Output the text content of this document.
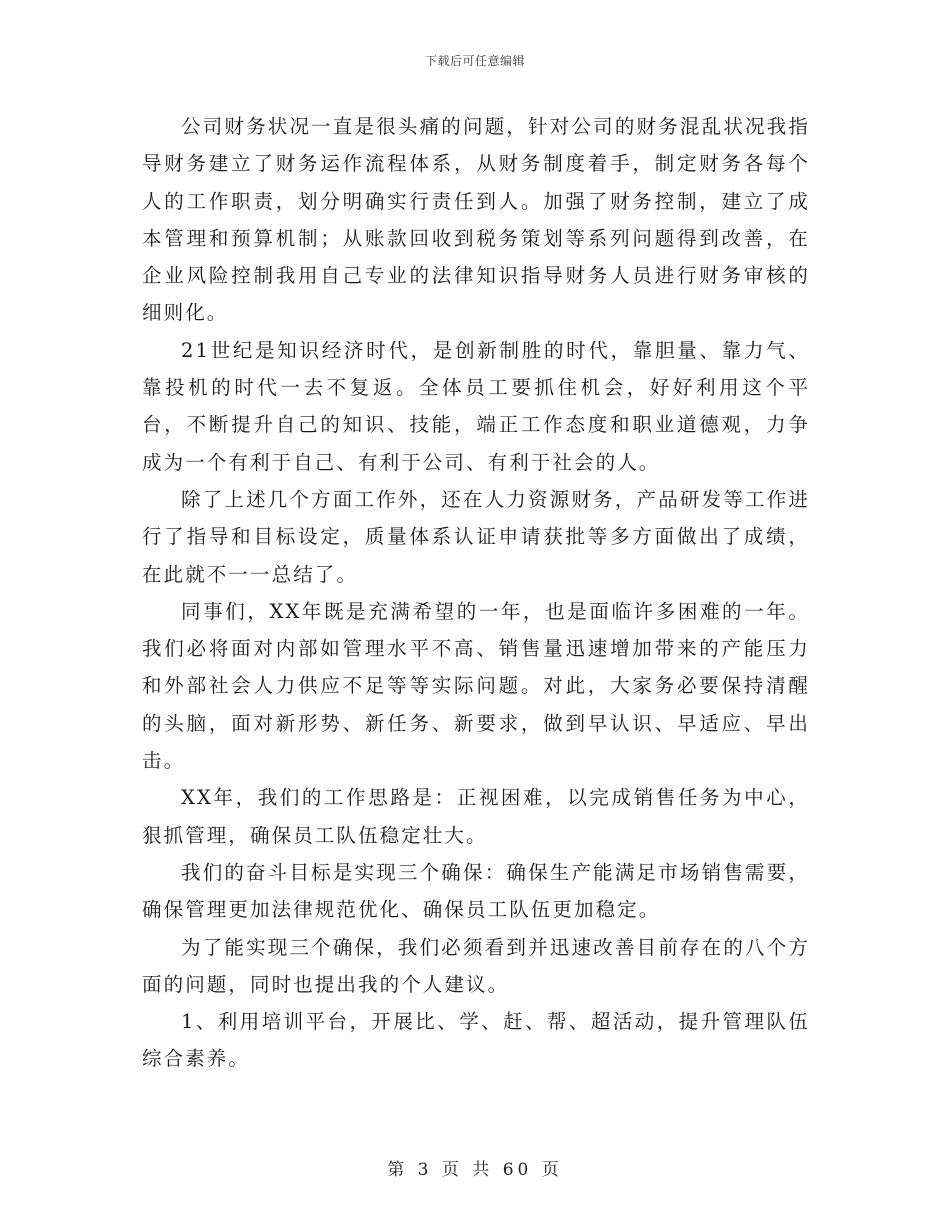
下载后可任意编辑

公司财务状况一直是很头痛的问题，针对公司的财务混乱状况我指导财务建立了财务运作流程体系，从财务制度着手，制定财务各每个人的工作职责，划分明确实行责任到人。加强了财务控制，建立了成本管理和预算机制；从账款回收到税务策划等系列问题得到改善，在企业风险控制我用自己专业的法律知识指导财务人员进行财务审核的细则化。

21世纪是知识经济时代，是创新制胜的时代，靠胆量、靠力气、靠投机的时代一去不复返。全体员工要抓住机会，好好利用这个平台，不断提升自己的知识、技能，端正工作态度和职业道德观，力争成为一个有利于自己、有利于公司、有利于社会的人。

除了上述几个方面工作外，还在人力资源财务，产品研发等工作进行了指导和目标设定，质量体系认证申请获批等多方面做出了成绩，在此就不一一总结了。

同事们，XX年既是充满希望的一年，也是面临许多困难的一年。我们必将面对内部如管理水平不高、销售量迅速增加带来的产能压力和外部社会人力供应不足等等实际问题。对此，大家务必要保持清醒的头脑，面对新形势、新任务、新要求，做到早认识、早适应、早出击。

XX年，我们的工作思路是：正视困难，以完成销售任务为中心，狠抓管理，确保员工队伍稳定壮大。

我们的奋斗目标是实现三个确保：确保生产能满足市场销售需要，确保管理更加法律规范优化、确保员工队伍更加稳定。

为了能实现三个确保，我们必须看到并迅速改善目前存在的八个方面的问题，同时也提出我的个人建议。

1、利用培训平台，开展比、学、赶、帮、超活动，提升管理队伍综合素养。

第 3 页 共 60 页
